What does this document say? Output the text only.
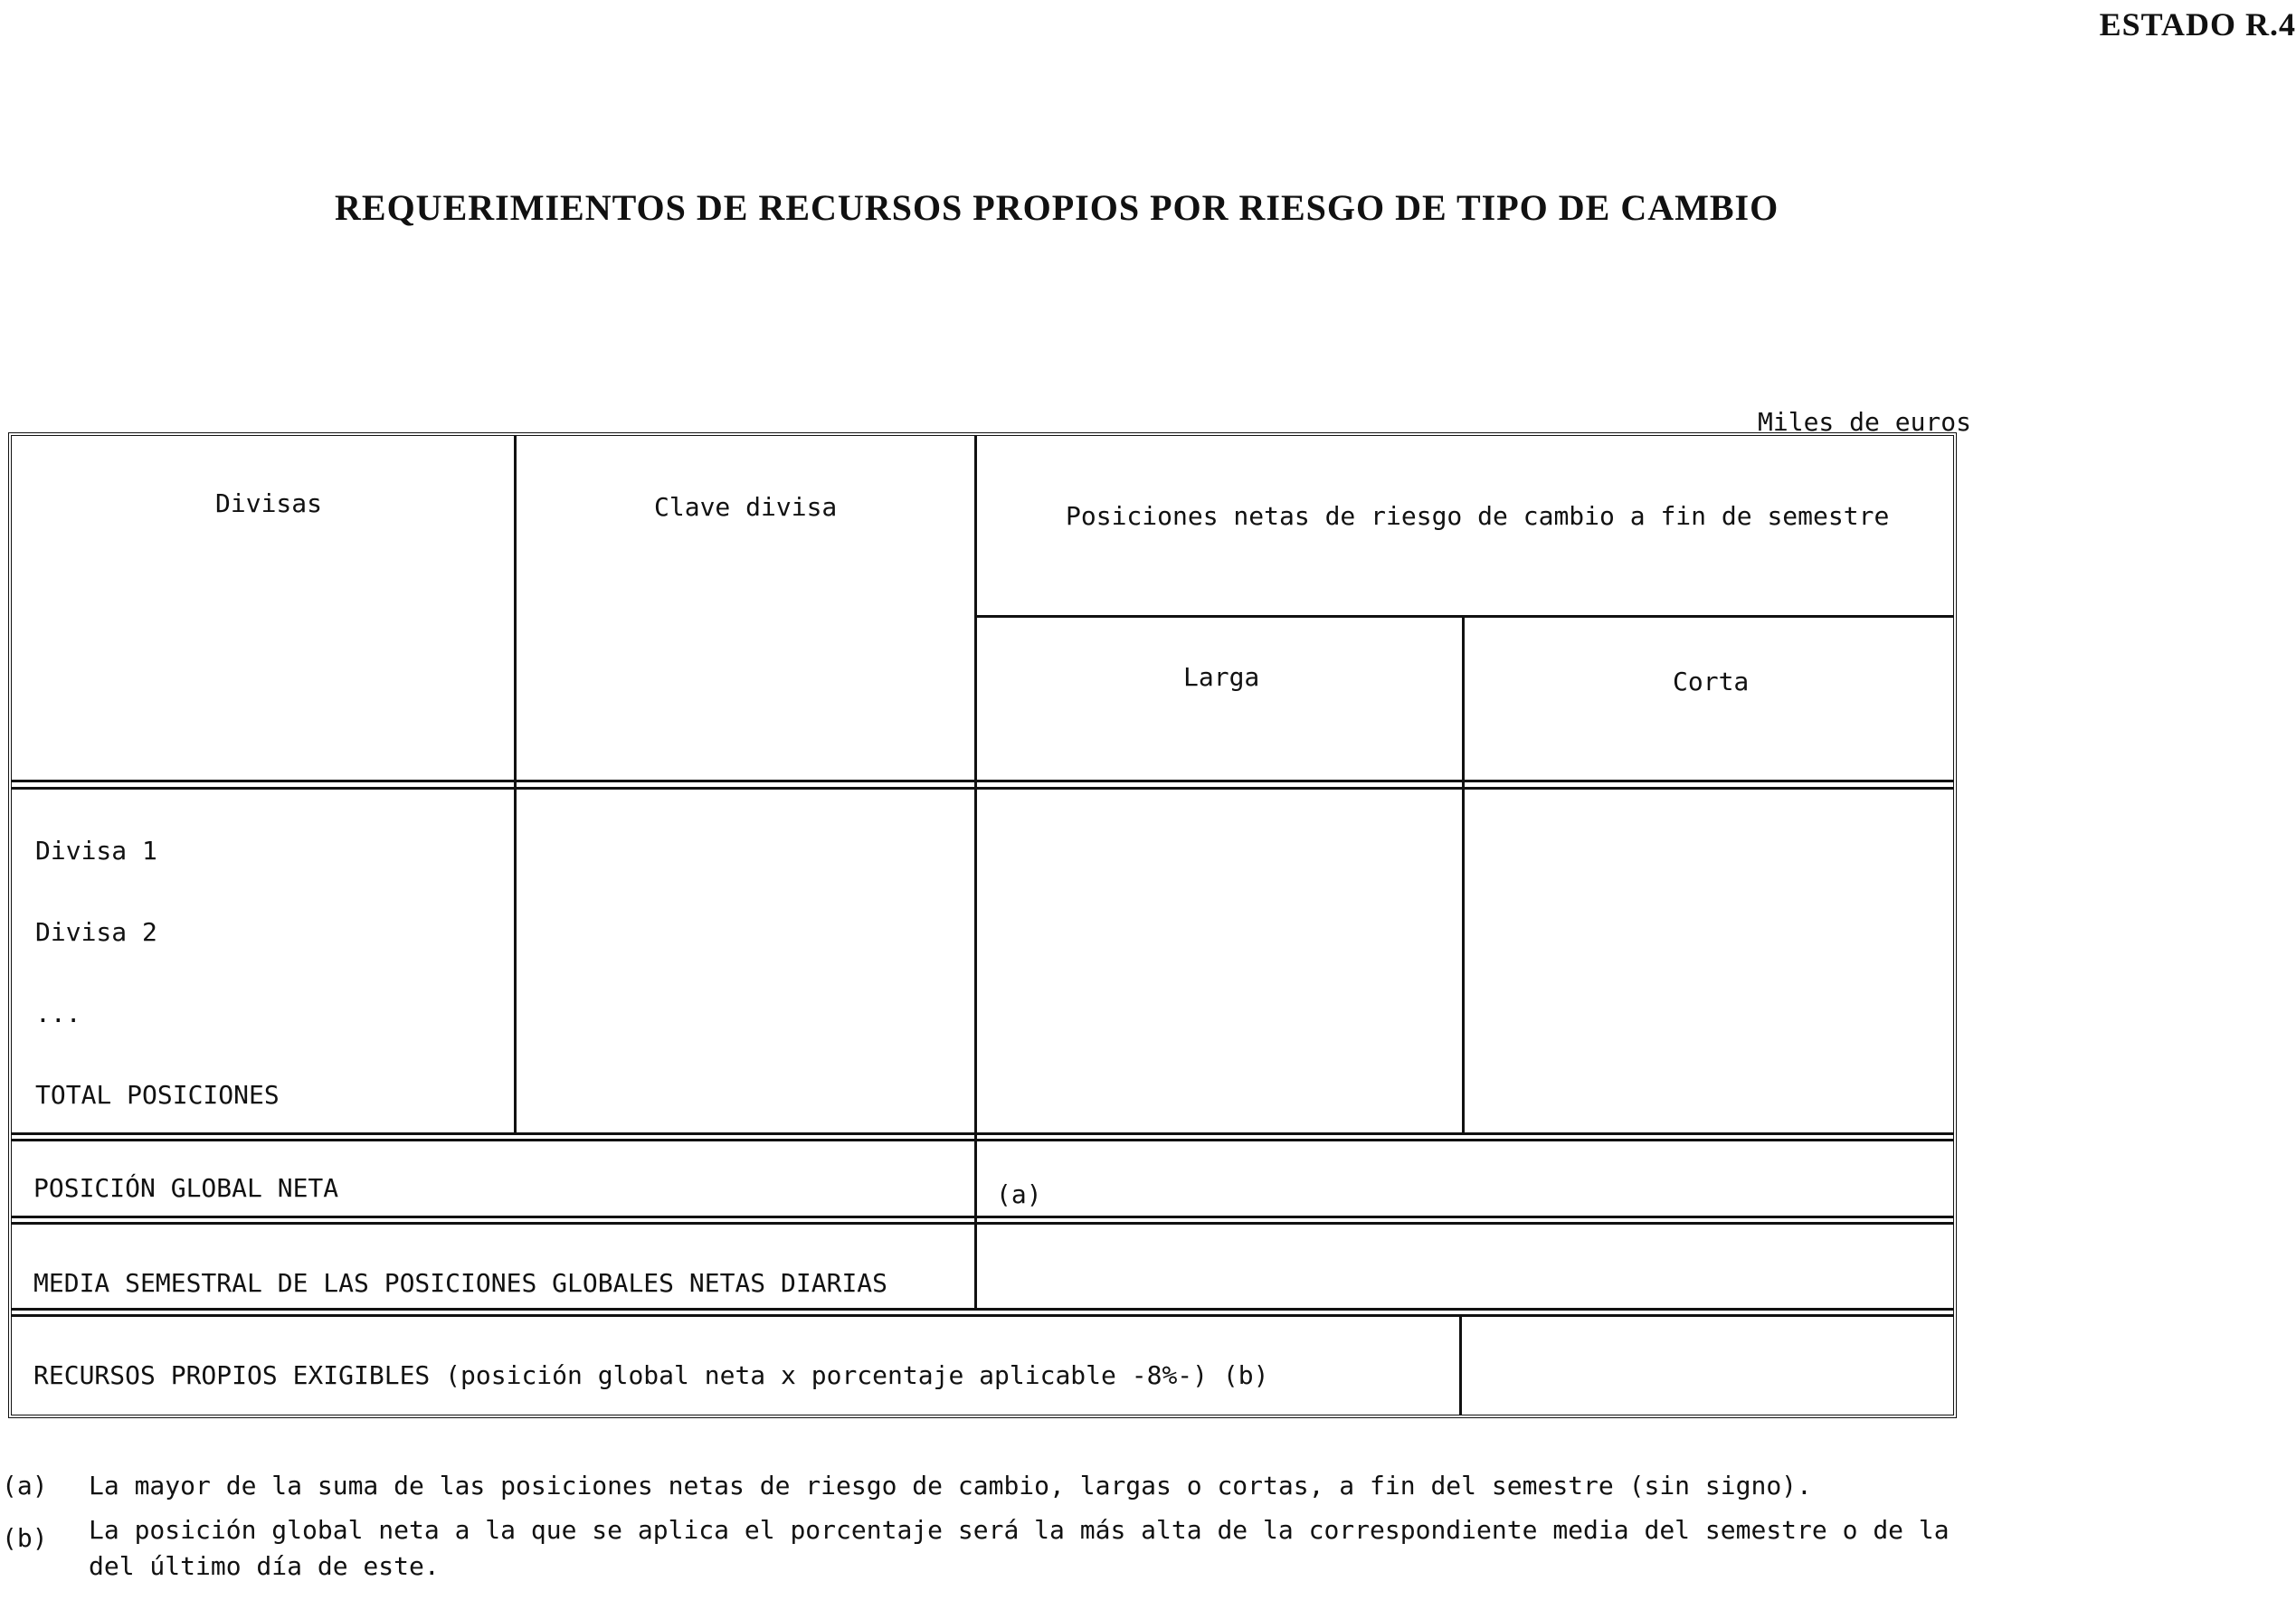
ESTADO R.4
REQUERIMIENTOS DE RECURSOS PROPIOS POR RIESGO DE TIPO DE CAMBIO
Miles de euros
Divisas	Clave divisa	Posiciones netas de riesgo de cambio a fin de semestre
Larga	Corta
Divisa 1
Divisa 2
...
TOTAL POSICIONES
POSICIÓN GLOBAL NETA	(a)
MEDIA SEMESTRAL DE LAS POSICIONES GLOBALES NETAS DIARIAS
RECURSOS PROPIOS EXIGIBLES (posición global neta x porcentaje aplicable -8%-) (b)
(a) La mayor de la suma de las posiciones netas de riesgo de cambio, largas o cortas, a fin del semestre (sin signo).
(b) La posición global neta a la que se aplica el porcentaje será la más alta de la correspondiente media del semestre o de la del último día de este.
